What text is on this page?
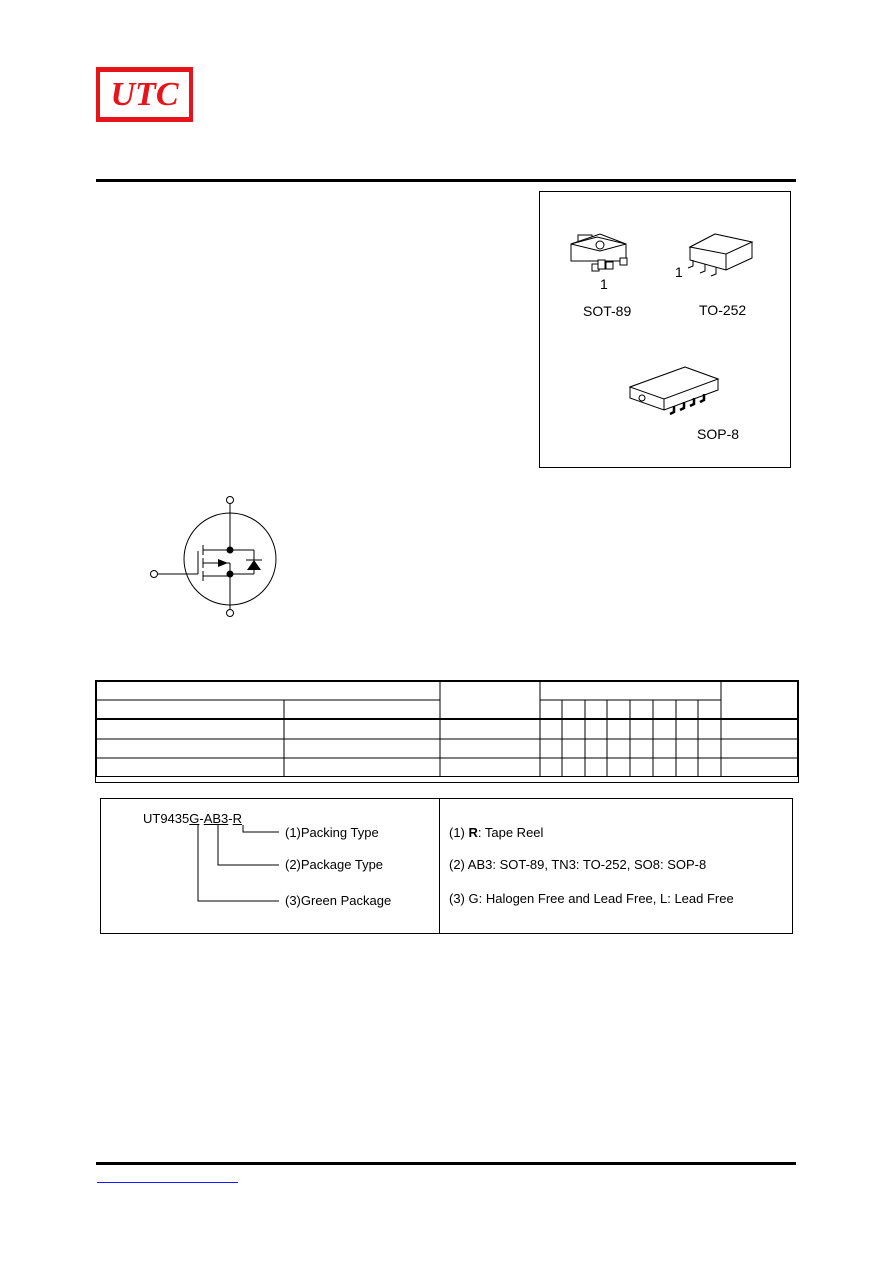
UTC
1
SOT-89
1
TO-252
SOP-8
UT9435G-AB3-R
(1)Packing Type
(2)Package Type
(3)Green Package
(1) R: Tape Reel
(2) AB3: SOT-89, TN3: TO-252, SO8: SOP-8
(3) G: Halogen Free and Lead Free, L: Lead Free
